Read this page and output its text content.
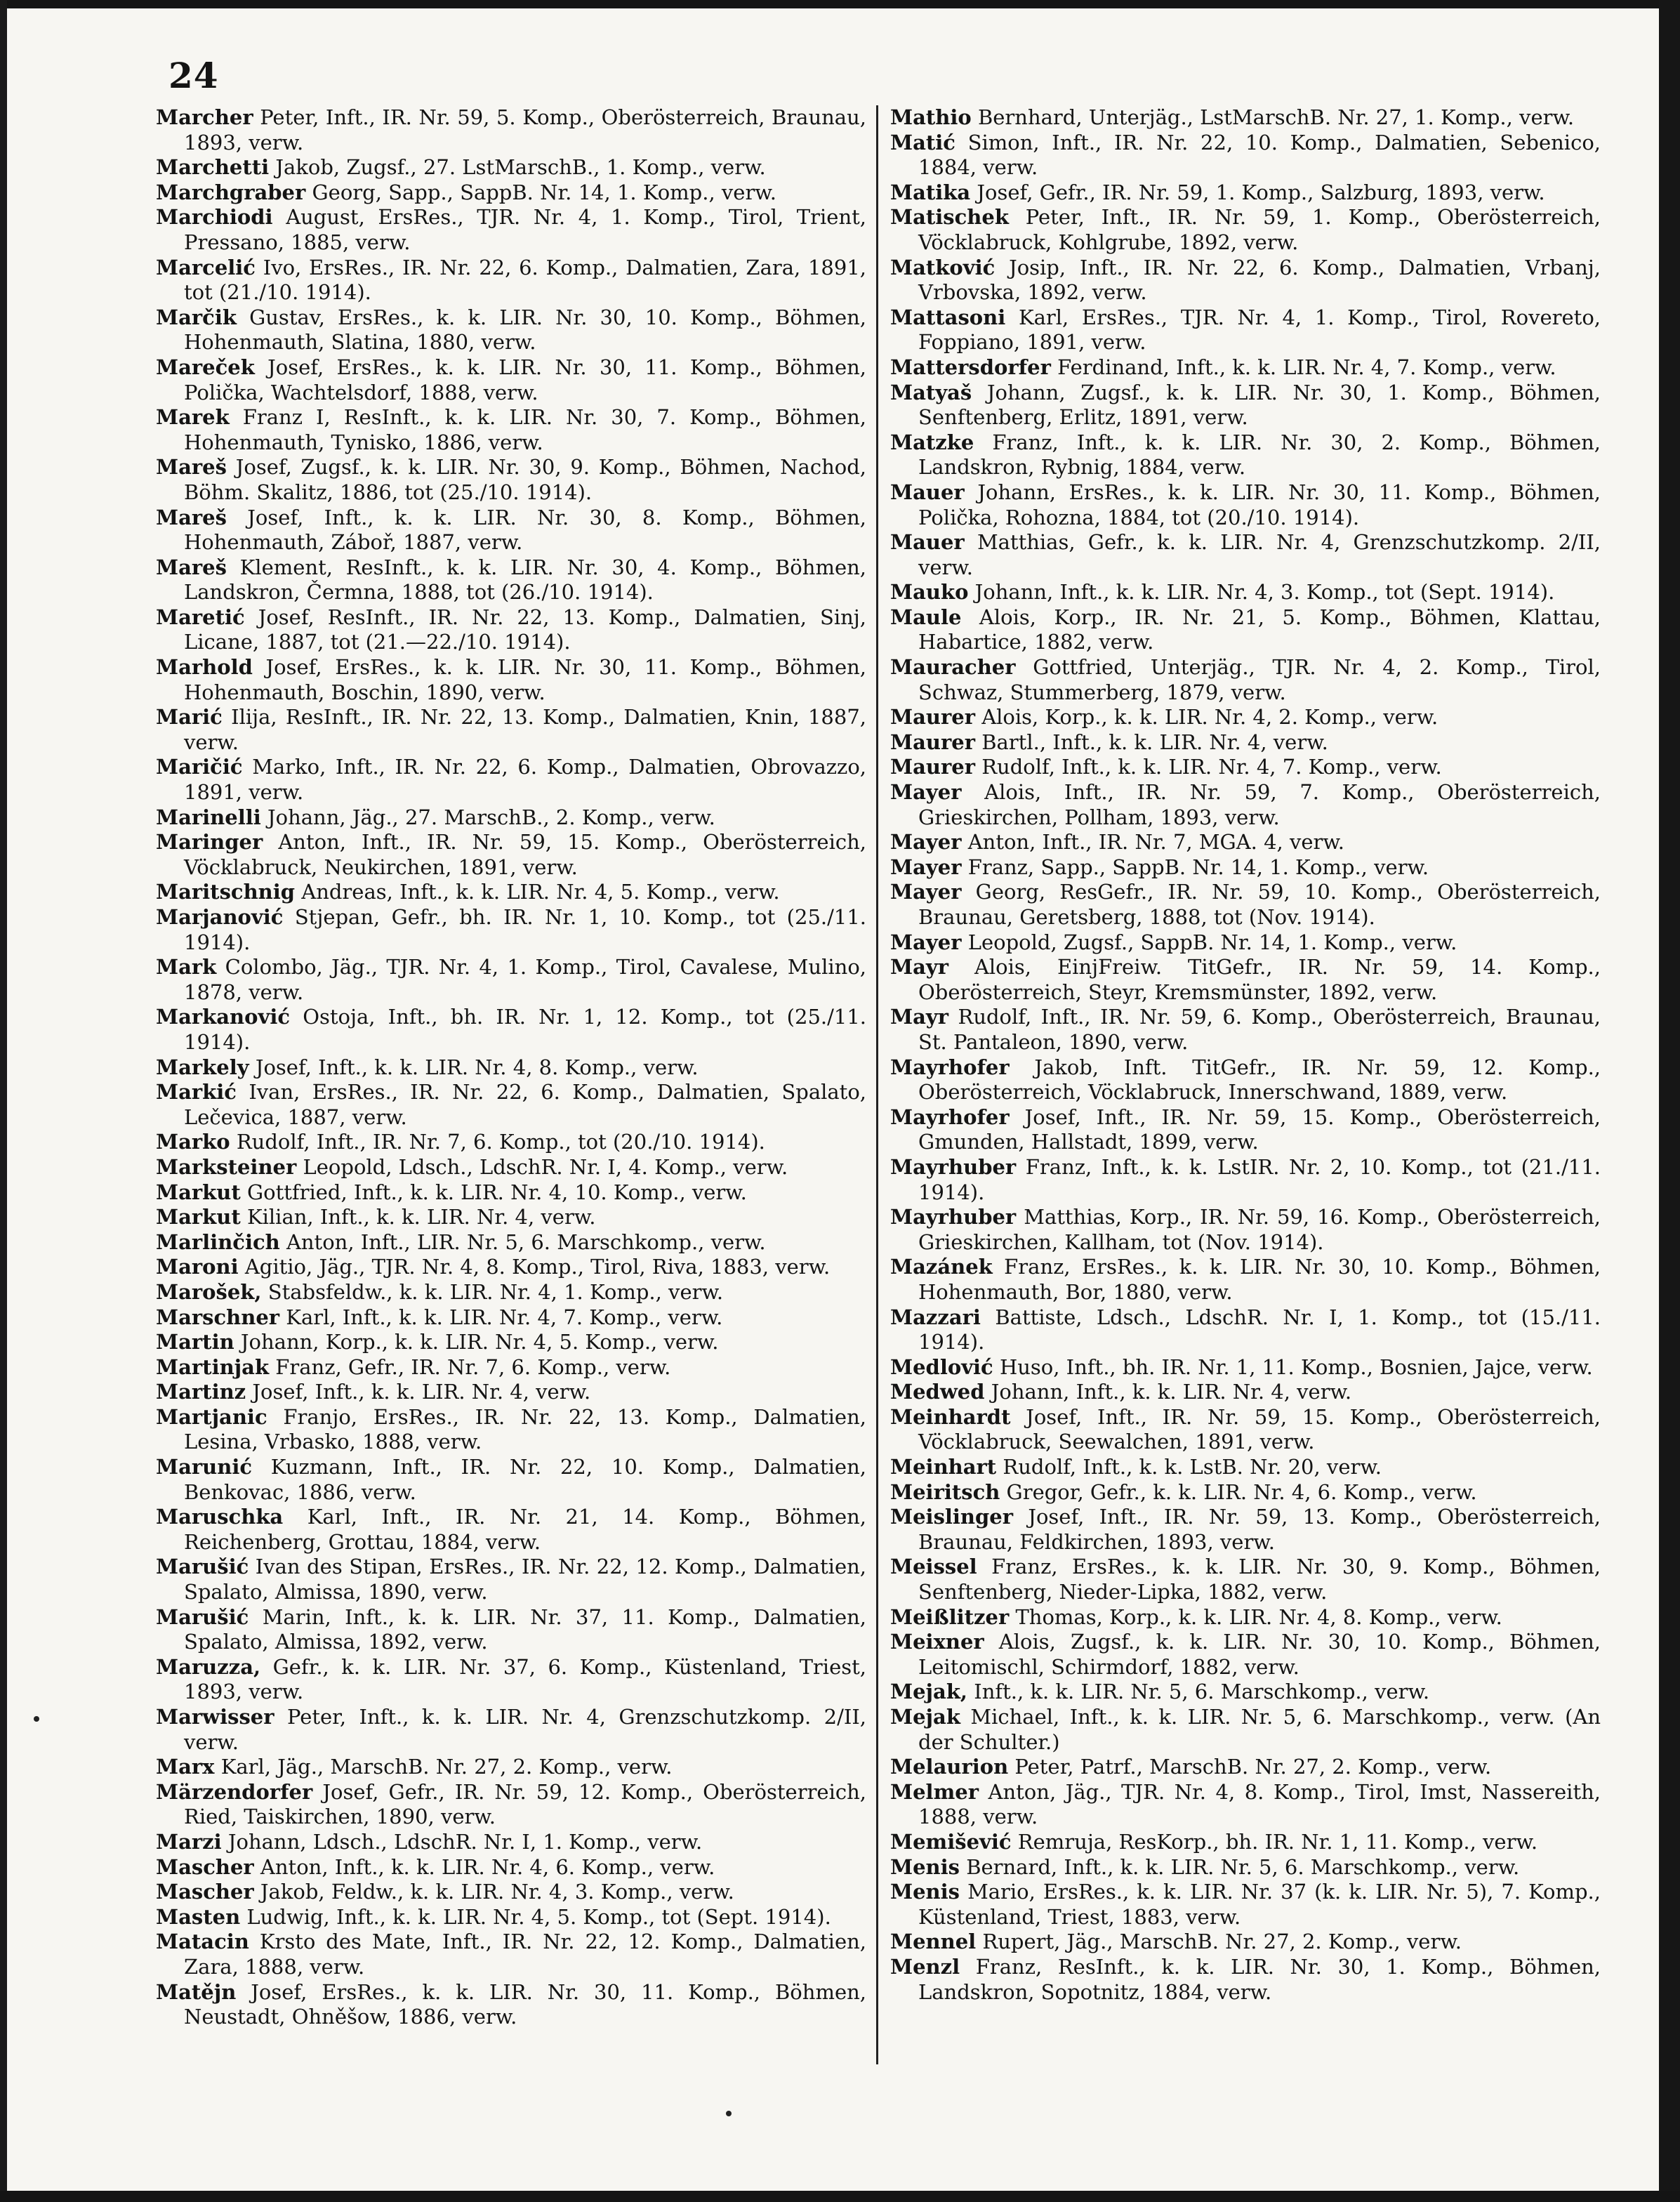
24
Marcher Peter, Inft., IR. Nr. 59, 5. Komp., Oberösterreich, Braunau, 1893, verw.
Marchetti Jakob, Zugsf., 27. LstMarschB., 1. Komp., verw.
Marchgraber Georg, Sapp., SappB. Nr. 14, 1. Komp., verw.
Marchiodi August, ErsRes., TJR. Nr. 4, 1. Komp., Tirol, Trient, Pressano, 1885, verw.
Marcelić Ivo, ErsRes., IR. Nr. 22, 6. Komp., Dalmatien, Zara, 1891, tot (21./10. 1914).
Marčik Gustav, ErsRes., k. k. LIR. Nr. 30, 10. Komp., Böhmen, Hohenmauth, Slatina, 1880, verw.
Mareček Josef, ErsRes., k. k. LIR. Nr. 30, 11. Komp., Böhmen, Polička, Wachtelsdorf, 1888, verw.
Marek Franz I, ResInft., k. k. LIR. Nr. 30, 7. Komp., Böhmen, Hohenmauth, Tynisko, 1886, verw.
Mareš Josef, Zugsf., k. k. LIR. Nr. 30, 9. Komp., Böhmen, Nachod, Böhm. Skalitz, 1886, tot (25./10. 1914).
Mareš Josef, Inft., k. k. LIR. Nr. 30, 8. Komp., Böhmen, Hohenmauth, Záboř, 1887, verw.
Mareš Klement, ResInft., k. k. LIR. Nr. 30, 4. Komp., Böhmen, Landskron, Čermna, 1888, tot (26./10. 1914).
Maretić Josef, ResInft., IR. Nr. 22, 13. Komp., Dalmatien, Sinj, Licane, 1887, tot (21.—22./10. 1914).
Marhold Josef, ErsRes., k. k. LIR. Nr. 30, 11. Komp., Böhmen, Hohenmauth, Boschin, 1890, verw.
Marić Ilija, ResInft., IR. Nr. 22, 13. Komp., Dalmatien, Knin, 1887, verw.
Maričić Marko, Inft., IR. Nr. 22, 6. Komp., Dalmatien, Obrovazzo, 1891, verw.
Marinelli Johann, Jäg., 27. MarschB., 2. Komp., verw.
Maringer Anton, Inft., IR. Nr. 59, 15. Komp., Oberösterreich, Vöcklabruck, Neukirchen, 1891, verw.
Maritschnig Andreas, Inft., k. k. LIR. Nr. 4, 5. Komp., verw.
Marjanović Stjepan, Gefr., bh. IR. Nr. 1, 10. Komp., tot (25./11. 1914).
Mark Colombo, Jäg., TJR. Nr. 4, 1. Komp., Tirol, Cavalese, Mulino, 1878, verw.
Markanović Ostoja, Inft., bh. IR. Nr. 1, 12. Komp., tot (25./11. 1914).
Markely Josef, Inft., k. k. LIR. Nr. 4, 8. Komp., verw.
Markić Ivan, ErsRes., IR. Nr. 22, 6. Komp., Dalmatien, Spalato, Lečevica, 1887, verw.
Marko Rudolf, Inft., IR. Nr. 7, 6. Komp., tot (20./10. 1914).
Marksteiner Leopold, Ldsch., LdschR. Nr. I, 4. Komp., verw.
Markut Gottfried, Inft., k. k. LIR. Nr. 4, 10. Komp., verw.
Markut Kilian, Inft., k. k. LIR. Nr. 4, verw.
Marlinčich Anton, Inft., LIR. Nr. 5, 6. Marschkomp., verw.
Maroni Agitio, Jäg., TJR. Nr. 4, 8. Komp., Tirol, Riva, 1883, verw.
Marošek, Stabsfeldw., k. k. LIR. Nr. 4, 1. Komp., verw.
Marschner Karl, Inft., k. k. LIR. Nr. 4, 7. Komp., verw.
Martin Johann, Korp., k. k. LIR. Nr. 4, 5. Komp., verw.
Martinjak Franz, Gefr., IR. Nr. 7, 6. Komp., verw.
Martinz Josef, Inft., k. k. LIR. Nr. 4, verw.
Martjanic Franjo, ErsRes., IR. Nr. 22, 13. Komp., Dalmatien, Lesina, Vrbasko, 1888, verw.
Marunić Kuzmann, Inft., IR. Nr. 22, 10. Komp., Dalmatien, Benkovac, 1886, verw.
Maruschka Karl, Inft., IR. Nr. 21, 14. Komp., Böhmen, Reichenberg, Grottau, 1884, verw.
Marušić Ivan des Stipan, ErsRes., IR. Nr. 22, 12. Komp., Dalmatien, Spalato, Almissa, 1890, verw.
Marušić Marin, Inft., k. k. LIR. Nr. 37, 11. Komp., Dalmatien, Spalato, Almissa, 1892, verw.
Maruzza, Gefr., k. k. LIR. Nr. 37, 6. Komp., Küstenland, Triest, 1893, verw.
Marwisser Peter, Inft., k. k. LIR. Nr. 4, Grenzschutzkomp. 2/II, verw.
Marx Karl, Jäg., MarschB. Nr. 27, 2. Komp., verw.
Märzendorfer Josef, Gefr., IR. Nr. 59, 12. Komp., Oberösterreich, Ried, Taiskirchen, 1890, verw.
Marzi Johann, Ldsch., LdschR. Nr. I, 1. Komp., verw.
Mascher Anton, Inft., k. k. LIR. Nr. 4, 6. Komp., verw.
Mascher Jakob, Feldw., k. k. LIR. Nr. 4, 3. Komp., verw.
Masten Ludwig, Inft., k. k. LIR. Nr. 4, 5. Komp., tot (Sept. 1914).
Matacin Krsto des Mate, Inft., IR. Nr. 22, 12. Komp., Dalmatien, Zara, 1888, verw.
Matějn Josef, ErsRes., k. k. LIR. Nr. 30, 11. Komp., Böhmen, Neustadt, Ohněšow, 1886, verw.
Mathio Bernhard, Unterjäg., LstMarschB. Nr. 27, 1. Komp., verw.
Matić Simon, Inft., IR. Nr. 22, 10. Komp., Dalmatien, Sebenico, 1884, verw.
Matika Josef, Gefr., IR. Nr. 59, 1. Komp., Salzburg, 1893, verw.
Matischek Peter, Inft., IR. Nr. 59, 1. Komp., Oberösterreich, Vöcklabruck, Kohlgrube, 1892, verw.
Matković Josip, Inft., IR. Nr. 22, 6. Komp., Dalmatien, Vrbanj, Vrbovska, 1892, verw.
Mattasoni Karl, ErsRes., TJR. Nr. 4, 1. Komp., Tirol, Rovereto, Foppiano, 1891, verw.
Mattersdorfer Ferdinand, Inft., k. k. LIR. Nr. 4, 7. Komp., verw.
Matyaš Johann, Zugsf., k. k. LIR. Nr. 30, 1. Komp., Böhmen, Senftenberg, Erlitz, 1891, verw.
Matzke Franz, Inft., k. k. LIR. Nr. 30, 2. Komp., Böhmen, Landskron, Rybnig, 1884, verw.
Mauer Johann, ErsRes., k. k. LIR. Nr. 30, 11. Komp., Böhmen, Polička, Rohozna, 1884, tot (20./10. 1914).
Mauer Matthias, Gefr., k. k. LIR. Nr. 4, Grenzschutzkomp. 2/II, verw.
Mauko Johann, Inft., k. k. LIR. Nr. 4, 3. Komp., tot (Sept. 1914).
Maule Alois, Korp., IR. Nr. 21, 5. Komp., Böhmen, Klattau, Habartice, 1882, verw.
Mauracher Gottfried, Unterjäg., TJR. Nr. 4, 2. Komp., Tirol, Schwaz, Stummerberg, 1879, verw.
Maurer Alois, Korp., k. k. LIR. Nr. 4, 2. Komp., verw.
Maurer Bartl., Inft., k. k. LIR. Nr. 4, verw.
Maurer Rudolf, Inft., k. k. LIR. Nr. 4, 7. Komp., verw.
Mayer Alois, Inft., IR. Nr. 59, 7. Komp., Oberösterreich, Grieskirchen, Pollham, 1893, verw.
Mayer Anton, Inft., IR. Nr. 7, MGA. 4, verw.
Mayer Franz, Sapp., SappB. Nr. 14, 1. Komp., verw.
Mayer Georg, ResGefr., IR. Nr. 59, 10. Komp., Oberösterreich, Braunau, Geretsberg, 1888, tot (Nov. 1914).
Mayer Leopold, Zugsf., SappB. Nr. 14, 1. Komp., verw.
Mayr Alois, EinjFreiw. TitGefr., IR. Nr. 59, 14. Komp., Oberösterreich, Steyr, Kremsmünster, 1892, verw.
Mayr Rudolf, Inft., IR. Nr. 59, 6. Komp., Oberösterreich, Braunau, St. Pantaleon, 1890, verw.
Mayrhofer Jakob, Inft. TitGefr., IR. Nr. 59, 12. Komp., Oberösterreich, Vöcklabruck, Innerschwand, 1889, verw.
Mayrhofer Josef, Inft., IR. Nr. 59, 15. Komp., Oberösterreich, Gmunden, Hallstadt, 1899, verw.
Mayrhuber Franz, Inft., k. k. LstIR. Nr. 2, 10. Komp., tot (21./11. 1914).
Mayrhuber Matthias, Korp., IR. Nr. 59, 16. Komp., Oberösterreich, Grieskirchen, Kallham, tot (Nov. 1914).
Mazánek Franz, ErsRes., k. k. LIR. Nr. 30, 10. Komp., Böhmen, Hohenmauth, Bor, 1880, verw.
Mazzari Battiste, Ldsch., LdschR. Nr. I, 1. Komp., tot (15./11. 1914).
Medlović Huso, Inft., bh. IR. Nr. 1, 11. Komp., Bosnien, Jajce, verw.
Medwed Johann, Inft., k. k. LIR. Nr. 4, verw.
Meinhardt Josef, Inft., IR. Nr. 59, 15. Komp., Oberösterreich, Vöcklabruck, Seewalchen, 1891, verw.
Meinhart Rudolf, Inft., k. k. LstB. Nr. 20, verw.
Meiritsch Gregor, Gefr., k. k. LIR. Nr. 4, 6. Komp., verw.
Meislinger Josef, Inft., IR. Nr. 59, 13. Komp., Oberösterreich, Braunau, Feldkirchen, 1893, verw.
Meissel Franz, ErsRes., k. k. LIR. Nr. 30, 9. Komp., Böhmen, Senftenberg, Nieder-Lipka, 1882, verw.
Meißlitzer Thomas, Korp., k. k. LIR. Nr. 4, 8. Komp., verw.
Meixner Alois, Zugsf., k. k. LIR. Nr. 30, 10. Komp., Böhmen, Leitomischl, Schirmdorf, 1882, verw.
Mejak, Inft., k. k. LIR. Nr. 5, 6. Marschkomp., verw.
Mejak Michael, Inft., k. k. LIR. Nr. 5, 6. Marschkomp., verw. (An der Schulter.)
Melaurion Peter, Patrf., MarschB. Nr. 27, 2. Komp., verw.
Melmer Anton, Jäg., TJR. Nr. 4, 8. Komp., Tirol, Imst, Nassereith, 1888, verw.
Memišević Remruja, ResKorp., bh. IR. Nr. 1, 11. Komp., verw.
Menis Bernard, Inft., k. k. LIR. Nr. 5, 6. Marschkomp., verw.
Menis Mario, ErsRes., k. k. LIR. Nr. 37 (k. k. LIR. Nr. 5), 7. Komp., Küstenland, Triest, 1883, verw.
Mennel Rupert, Jäg., MarschB. Nr. 27, 2. Komp., verw.
Menzl Franz, ResInft., k. k. LIR. Nr. 30, 1. Komp., Böhmen, Landskron, Sopotnitz, 1884, verw.
